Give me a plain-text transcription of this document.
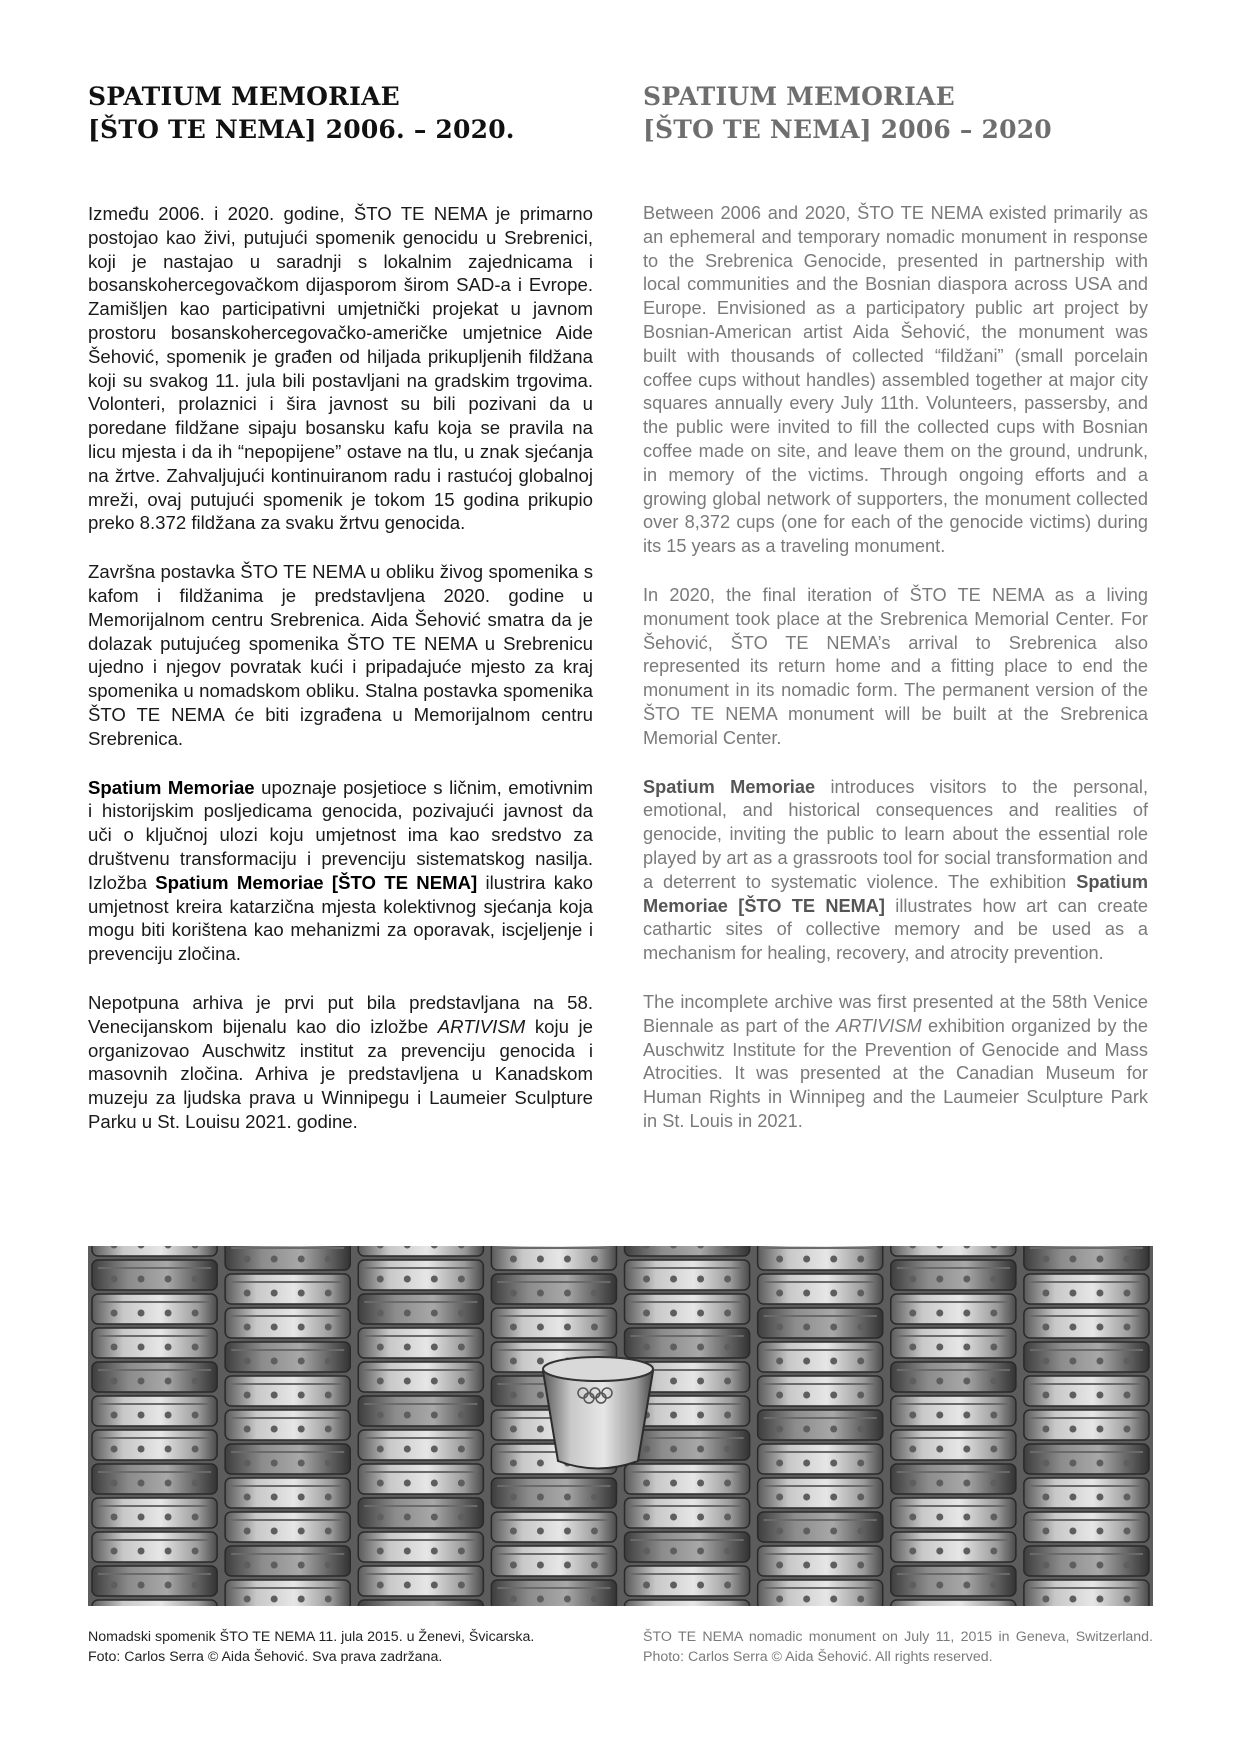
SPATIUM MEMORIAE
[ŠTO TE NEMA] 2006. – 2020.

Između 2006. i 2020. godine, ŠTO TE NEMA je primarno postojao kao živi, putujući spomenik genocidu u Srebrenici, koji je nastajao u saradnji s lokalnim zajednicama i bosanskohercegovačkom dijasporom širom SAD-a i Evrope. Zamišljen kao participativni umjetnički projekat u javnom prostoru bosanskohercegovačko-američke umjetnice Aide Šehović, spomenik je građen od hiljada prikupljenih fildžana koji su svakog 11. jula bili postavljani na gradskim trgovima. Volonteri, prolaznici i šira javnost su bili pozivani da u poredane fildžane sipaju bosansku kafu koja se pravila na licu mjesta i da ih “nepopijene” ostave na tlu, u znak sjećanja na žrtve. Zahvaljujući kontinuiranom radu i rastućoj globalnoj mreži, ovaj putujući spomenik je tokom 15 godina prikupio preko 8.372 fildžana za svaku žrtvu genocida.

Završna postavka ŠTO TE NEMA u obliku živog spomenika s kafom i fildžanima je predstavljena 2020. godine u Memorijalnom centru Srebrenica. Aida Šehović smatra da je dolazak putujućeg spomenika ŠTO TE NEMA u Srebrenicu ujedno i njegov povratak kući i pripadajuće mjesto za kraj spomenika u nomadskom obliku. Stalna postavka spomenika ŠTO TE NEMA će biti izgrađena u Memorijalnom centru Srebrenica.

Spatium Memoriae upoznaje posjetioce s ličnim, emotivnim i historijskim posljedicama genocida, pozivajući javnost da uči o ključnoj ulozi koju umjetnost ima kao sredstvo za društvenu transformaciju i prevenciju sistematskog nasilja. Izložba Spatium Memoriae [ŠTO TE NEMA] ilustrira kako umjetnost kreira katarzična mjesta kolektivnog sjećanja koja mogu biti korištena kao mehanizmi za oporavak, iscjeljenje i prevenciju zločina.

Nepotpuna arhiva je prvi put bila predstavljana na 58. Venecijanskom bijenalu kao dio izložbe ARTIVISM koju je organizovao Auschwitz institut za prevenciju genocida i masovnih zločina. Arhiva je predstavljena u Kanadskom muzeju za ljudska prava u Winnipegu i Laumeier Sculpture Parku u St. Louisu 2021. godine.

SPATIUM MEMORIAE
[ŠTO TE NEMA] 2006 – 2020

Between 2006 and 2020, ŠTO TE NEMA existed primarily as an ephemeral and temporary nomadic monument in response to the Srebrenica Genocide, presented in partnership with local communities and the Bosnian diaspora across USA and Europe. Envisioned as a participatory public art project by Bosnian-American artist Aida Šehović, the monument was built with thousands of collected “fildžani” (small porcelain coffee cups without handles) assembled together at major city squares annually every July 11th. Volunteers, passersby, and the public were invited to fill the collected cups with Bosnian coffee made on site, and leave them on the ground, undrunk, in memory of the victims. Through ongoing efforts and a growing global network of supporters, the monument collected over 8,372 cups (one for each of the genocide victims) during its 15 years as a traveling monument.

In 2020, the final iteration of ŠTO TE NEMA as a living monument took place at the Srebrenica Memorial Center. For Šehović, ŠTO TE NEMA’s arrival to Srebrenica also represented its return home and a fitting place to end the monument in its nomadic form. The permanent version of the ŠTO TE NEMA monument will be built at the Srebrenica Memorial Center.

Spatium Memoriae introduces visitors to the personal, emotional, and historical consequences and realities of genocide, inviting the public to learn about the essential role played by art as a grassroots tool for social transformation and a deterrent to systematic violence. The exhibition Spatium Memoriae [ŠTO TE NEMA] illustrates how art can create cathartic sites of collective memory and be used as a mechanism for healing, recovery, and atrocity prevention.

The incomplete archive was first presented at the 58th Venice Biennale as part of the ARTIVISM exhibition organized by the Auschwitz Institute for the Prevention of Genocide and Mass Atrocities. It was presented at the Canadian Museum for Human Rights in Winnipeg and the Laumeier Sculpture Park in St. Louis in 2021.

Nomadski spomenik ŠTO TE NEMA 11. jula 2015. u Ženevi, Švicarska.
Foto: Carlos Serra © Aida Šehović. Sva prava zadržana.
ŠTO TE NEMA nomadic monument on July 11, 2015 in Geneva, Switzerland. Photo: Carlos Serra © Aida Šehović. All rights reserved.
